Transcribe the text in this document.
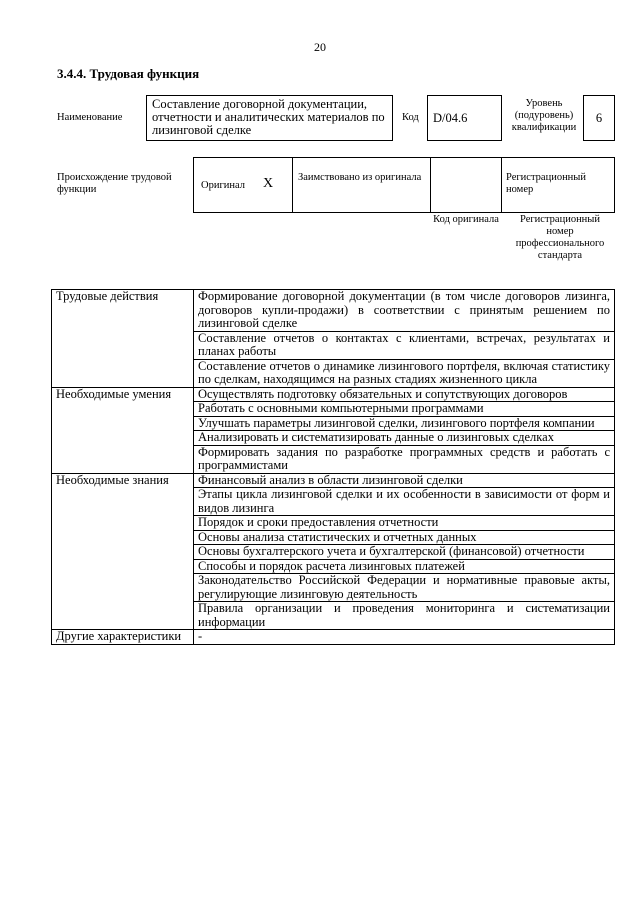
20
3.4.4. Трудовая функция
Наименование
Составление договорной документации, отчетности и аналитических материалов по лизинговой сделке
Код D/04.6
Уровень (подуровень) квалификации
6
Происхождение трудовой функции	Оригинал X Заимствовано из оригинала	Регистрационный номер
Код оригинала	Регистрационный номер профессионального стандарта
Трудовые действия	Формирование договорной документации (в том числе договоров лизинга, договоров купли-продажи) в соответствии с принятым решением по лизинговой сделке
	Составление отчетов о контактах с клиентами, встречах, результатах и планах работы
	Составление отчетов о динамике лизингового портфеля, включая статистику по сделкам, находящимся на разных стадиях жизненного цикла
Необходимые умения	Осуществлять подготовку обязательных и сопутствующих договоров
	Работать с основными компьютерными программами
	Улучшать параметры лизинговой сделки, лизингового портфеля компании
	Анализировать и систематизировать данные о лизинговых сделках
	Формировать задания по разработке программных средств и работать с программистами
Необходимые знания	Финансовый анализ в области лизинговой сделки
	Этапы цикла лизинговой сделки и их особенности в зависимости от форм и видов лизинга
	Порядок и сроки предоставления отчетности
	Основы анализа статистических и отчетных данных
	Основы бухгалтерского учета и бухгалтерской (финансовой) отчетности
	Способы и порядок расчета лизинговых платежей
	Законодательство Российской Федерации и нормативные правовые акты, регулирующие лизинговую деятельность
	Правила организации и проведения мониторинга и систематизации информации
Другие характеристики	-
